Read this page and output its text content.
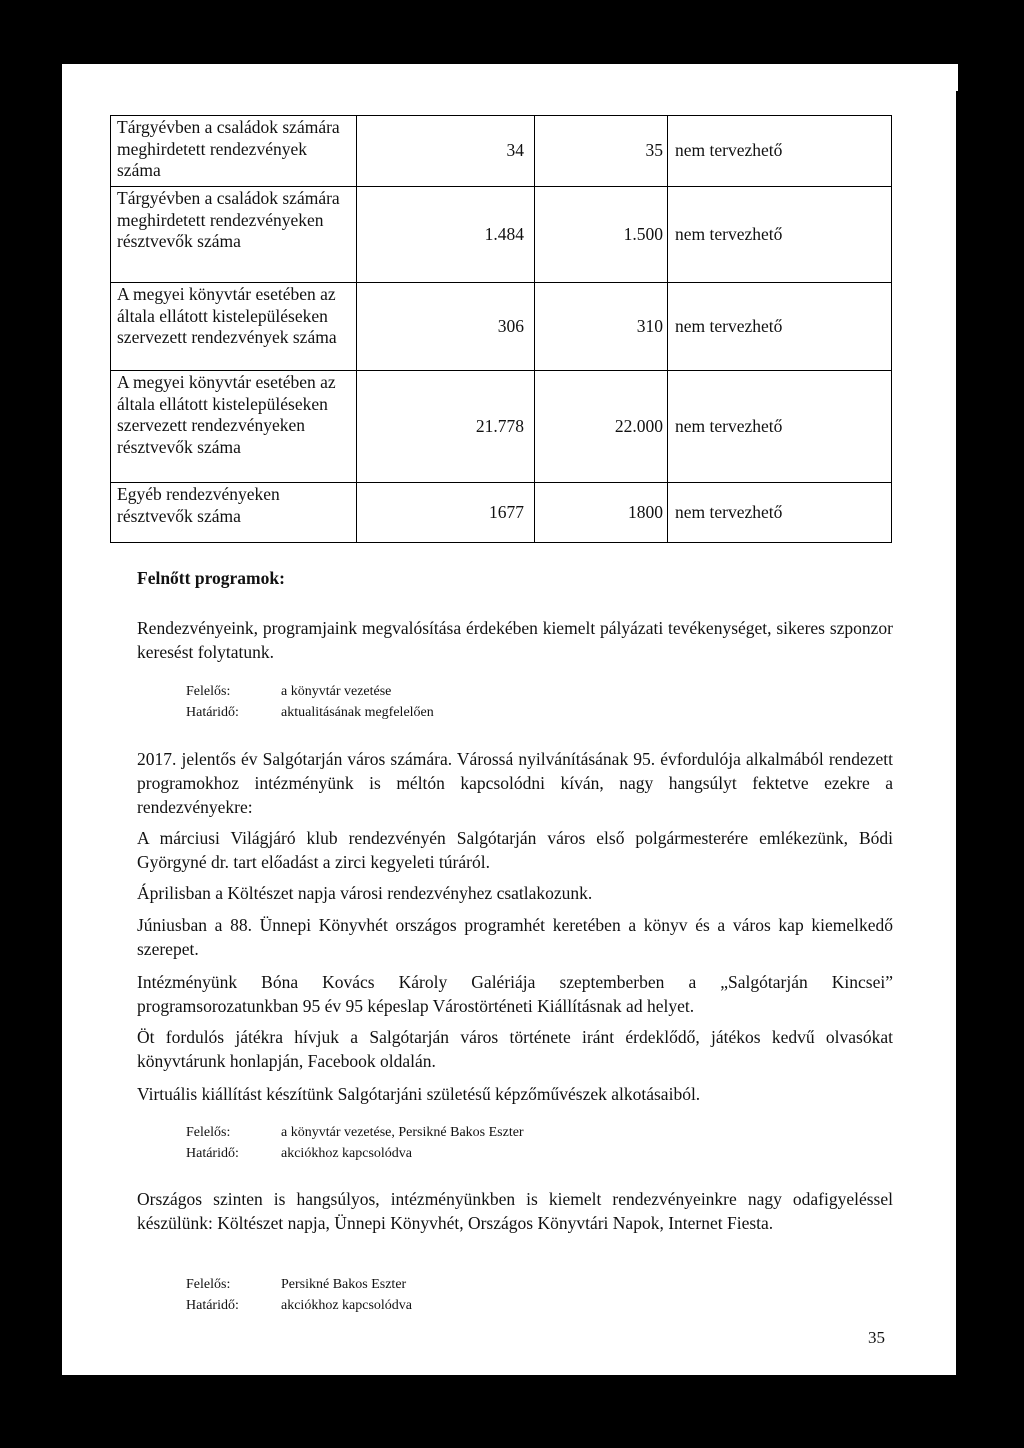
Tárgyévben a családok számára meghirdetett rendezvények száma	34	35	nem tervezhető
Tárgyévben a családok számára meghirdetett rendezvényeken résztvevők száma	1.484	1.500	nem tervezhető
A megyei könyvtár esetében az általa ellátott kistelepüléseken szervezett rendezvények száma	306	310	nem tervezhető
A megyei könyvtár esetében az általa ellátott kistelepüléseken szervezett rendezvényeken résztvevők száma	21.778	22.000	nem tervezhető
Egyéb rendezvényeken résztvevők száma	1677	1800	nem tervezhető
Felnőtt programok:
Rendezvényeink, programjaink megvalósítása érdekében kiemelt pályázati tevékenységet, sikeres szponzor keresést folytatunk.
Felelős:	a könyvtár vezetése
Határidő:	aktualitásának megfelelően
2017. jelentős év Salgótarján város számára. Várossá nyilvánításának 95. évfordulója alkalmából rendezett programokhoz intézményünk is méltón kapcsolódni kíván, nagy hangsúlyt fektetve ezekre a rendezvényekre:
A márciusi Világjáró klub rendezvényén Salgótarján város első polgármesterére emlékezünk, Bódi Györgyné dr. tart előadást a zirci kegyeleti túráról.
Áprilisban a Költészet napja városi rendezvényhez csatlakozunk.
Júniusban a 88. Ünnepi Könyvhét országos programhét keretében a könyv és a város kap kiemelkedő szerepet.
Intézményünk Bóna Kovács Károly Galériája szeptemberben a „Salgótarján Kincsei” programsorozatunkban 95 év 95 képeslap Várostörténeti Kiállításnak ad helyet.
Öt fordulós játékra hívjuk a Salgótarján város története iránt érdeklődő, játékos kedvű olvasókat könyvtárunk honlapján, Facebook oldalán.
Virtuális kiállítást készítünk Salgótarjáni születésű képzőművészek alkotásaiból.
Felelős:	a könyvtár vezetése, Persikné Bakos Eszter
Határidő:	akciókhoz kapcsolódva
Országos szinten is hangsúlyos, intézményünkben is kiemelt rendezvényeinkre nagy odafigyeléssel készülünk: Költészet napja, Ünnepi Könyvhét, Országos Könyvtári Napok, Internet Fiesta.
Felelős:	Persikné Bakos Eszter
Határidő:	akciókhoz kapcsolódva
35
